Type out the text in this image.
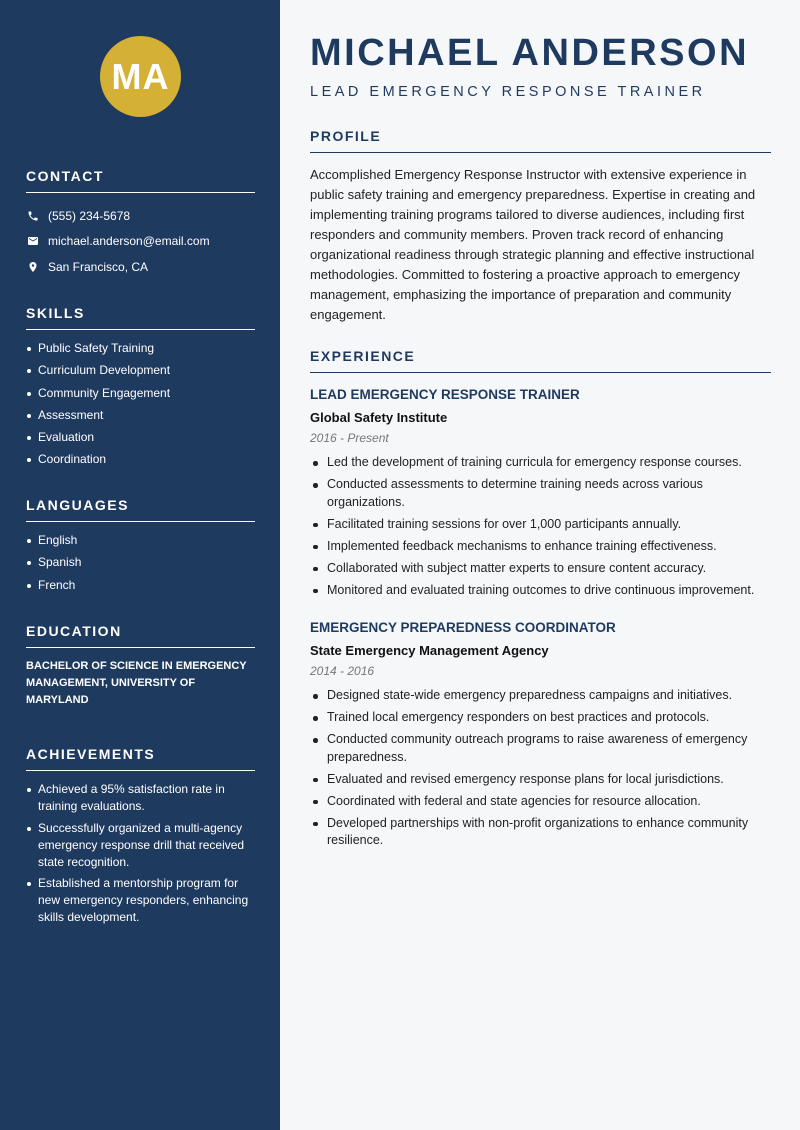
MA
CONTACT
(555) 234-5678
michael.anderson@email.com
San Francisco, CA
SKILLS
Public Safety Training
Curriculum Development
Community Engagement
Assessment
Evaluation
Coordination
LANGUAGES
English
Spanish
French
EDUCATION
BACHELOR OF SCIENCE IN EMERGENCY MANAGEMENT, UNIVERSITY OF MARYLAND
ACHIEVEMENTS
Achieved a 95% satisfaction rate in training evaluations.
Successfully organized a multi-agency emergency response drill that received state recognition.
Established a mentorship program for new emergency responders, enhancing skills development.
MICHAEL ANDERSON
LEAD EMERGENCY RESPONSE TRAINER
PROFILE
Accomplished Emergency Response Instructor with extensive experience in public safety training and emergency preparedness. Expertise in creating and implementing training programs tailored to diverse audiences, including first responders and community members. Proven track record of enhancing organizational readiness through strategic planning and effective instructional methodologies. Committed to fostering a proactive approach to emergency management, emphasizing the importance of preparation and community engagement.
EXPERIENCE
LEAD EMERGENCY RESPONSE TRAINER
Global Safety Institute
2016 - Present
Led the development of training curricula for emergency response courses.
Conducted assessments to determine training needs across various organizations.
Facilitated training sessions for over 1,000 participants annually.
Implemented feedback mechanisms to enhance training effectiveness.
Collaborated with subject matter experts to ensure content accuracy.
Monitored and evaluated training outcomes to drive continuous improvement.
EMERGENCY PREPAREDNESS COORDINATOR
State Emergency Management Agency
2014 - 2016
Designed state-wide emergency preparedness campaigns and initiatives.
Trained local emergency responders on best practices and protocols.
Conducted community outreach programs to raise awareness of emergency preparedness.
Evaluated and revised emergency response plans for local jurisdictions.
Coordinated with federal and state agencies for resource allocation.
Developed partnerships with non-profit organizations to enhance community resilience.
